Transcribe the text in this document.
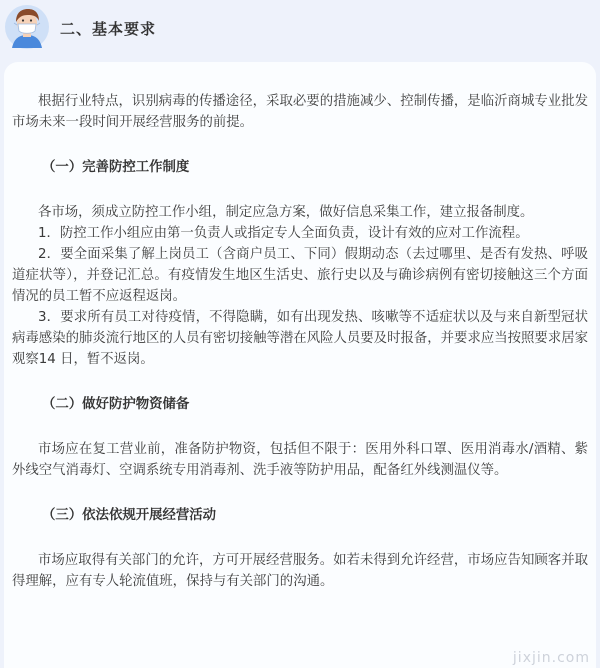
二、基本要求

根据行业特点，识别病毒的传播途径，采取必要的措施减少、控制传播，是临沂商城专业批发市场未来一段时间开展经营服务的前提。

（一）完善防控工作制度

各市场，须成立防控工作小组，制定应急方案，做好信息采集工作，建立报备制度。

1．防控工作小组应由第一负责人或指定专人全面负责，设计有效的应对工作流程。

2．要全面采集了解上岗员工（含商户员工、下同）假期动态（去过哪里、是否有发热、呼吸道症状等），并登记汇总。有疫情发生地区生活史、旅行史以及与确诊病例有密切接触这三个方面情况的员工暂不应返程返岗。

3．要求所有员工对待疫情，不得隐瞒，如有出现发热、咳嗽等不适症状以及与来自新型冠状病毒感染的肺炎流行地区的人员有密切接触等潜在风险人员要及时报备，并要求应当按照要求居家观察14 日，暂不返岗。

（二）做好防护物资储备

市场应在复工营业前，准备防护物资，包括但不限于：医用外科口罩、医用消毒水/酒精、紫外线空气消毒灯、空调系统专用消毒剂、洗手液等防护用品，配备红外线测温仪等。

（三）依法依规开展经营活动

市场应取得有关部门的允许，方可开展经营服务。如若未得到允许经营，市场应告知顾客并取得理解，应有专人轮流值班，保持与有关部门的沟通。

jixjin.com
